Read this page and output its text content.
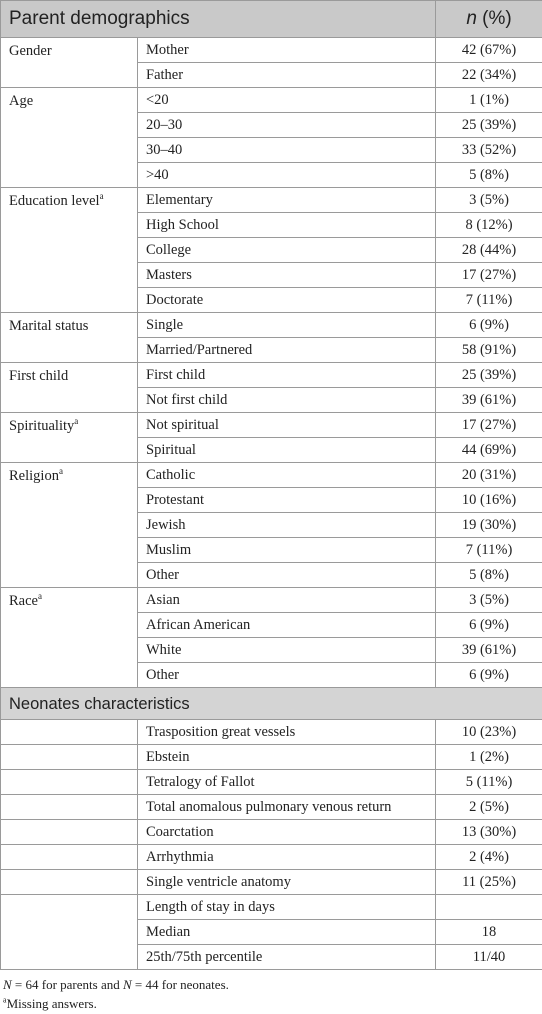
Parent demographics		n (%)
Gender	Mother	42 (67%)
	Father	22 (34%)
Age	<20	1 (1%)
	20–30	25 (39%)
	30–40	33 (52%)
	>40	5 (8%)
Education level$^a$	Elementary	3 (5%)
	High School	8 (12%)
	College	28 (44%)
	Masters	17 (27%)
	Doctorate	7 (11%)
Marital status	Single	6 (9%)
	Married/Partnered	58 (91%)
First child	First child	25 (39%)
	Not first child	39 (61%)
Spirituality$^a$	Not spiritual	17 (27%)
	Spiritual	44 (69%)
Religion$^a$	Catholic	20 (31%)
	Protestant	10 (16%)
	Jewish	19 (30%)
	Muslim	7 (11%)
	Other	5 (8%)
Race$^a$	Asian	3 (5%)
	African American	6 (9%)
	White	39 (61%)
	Other	6 (9%)
Neonates characteristics		
	Trasposition great vessels	10 (23%)
	Ebstein	1 (2%)
	Tetralogy of Fallot	5 (11%)
	Total anomalous pulmonary venous return	2 (5%)
	Coarctation	13 (30%)
	Arrhythmia	2 (4%)
	Single ventricle anatomy	11 (25%)
	Length of stay in days	
	Median	18
	25th/75th percentile	11/40
N = 64 for parents and N = 44 for neonates.
$^a$Missing answers.
